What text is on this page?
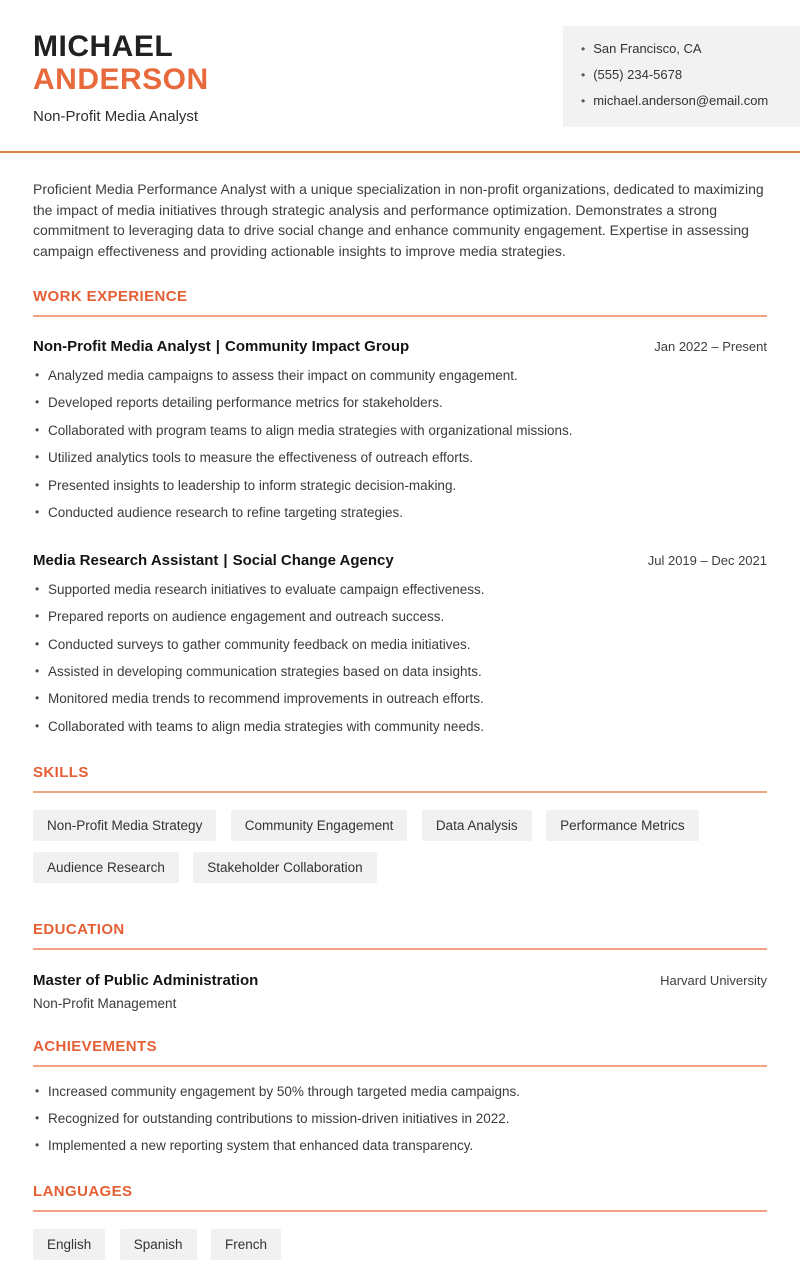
MICHAEL
ANDERSON
Non-Profit Media Analyst
• San Francisco, CA
• (555) 234-5678
• michael.anderson@email.com

Proficient Media Performance Analyst with a unique specialization in non-profit organizations, dedicated to maximizing the impact of media initiatives through strategic analysis and performance optimization. Demonstrates a strong commitment to leveraging data to drive social change and enhance community engagement. Expertise in assessing campaign effectiveness and providing actionable insights to improve media strategies.

WORK EXPERIENCE
Non-Profit Media Analyst | Community Impact Group	Jan 2022 – Present
• Analyzed media campaigns to assess their impact on community engagement.
• Developed reports detailing performance metrics for stakeholders.
• Collaborated with program teams to align media strategies with organizational missions.
• Utilized analytics tools to measure the effectiveness of outreach efforts.
• Presented insights to leadership to inform strategic decision-making.
• Conducted audience research to refine targeting strategies.
Media Research Assistant | Social Change Agency	Jul 2019 – Dec 2021
• Supported media research initiatives to evaluate campaign effectiveness.
• Prepared reports on audience engagement and outreach success.
• Conducted surveys to gather community feedback on media initiatives.
• Assisted in developing communication strategies based on data insights.
• Monitored media trends to recommend improvements in outreach efforts.
• Collaborated with teams to align media strategies with community needs.
SKILLS
Non-Profit Media Strategy	Community Engagement	Data Analysis	Performance Metrics Audience Research	Stakeholder Collaboration
EDUCATION
Master of Public Administration	Harvard University
Non-Profit Management
ACHIEVEMENTS
• Increased community engagement by 50% through targeted media campaigns.
• Recognized for outstanding contributions to mission-driven initiatives in 2022.
• Implemented a new reporting system that enhanced data transparency.
LANGUAGES
English	Spanish	French
